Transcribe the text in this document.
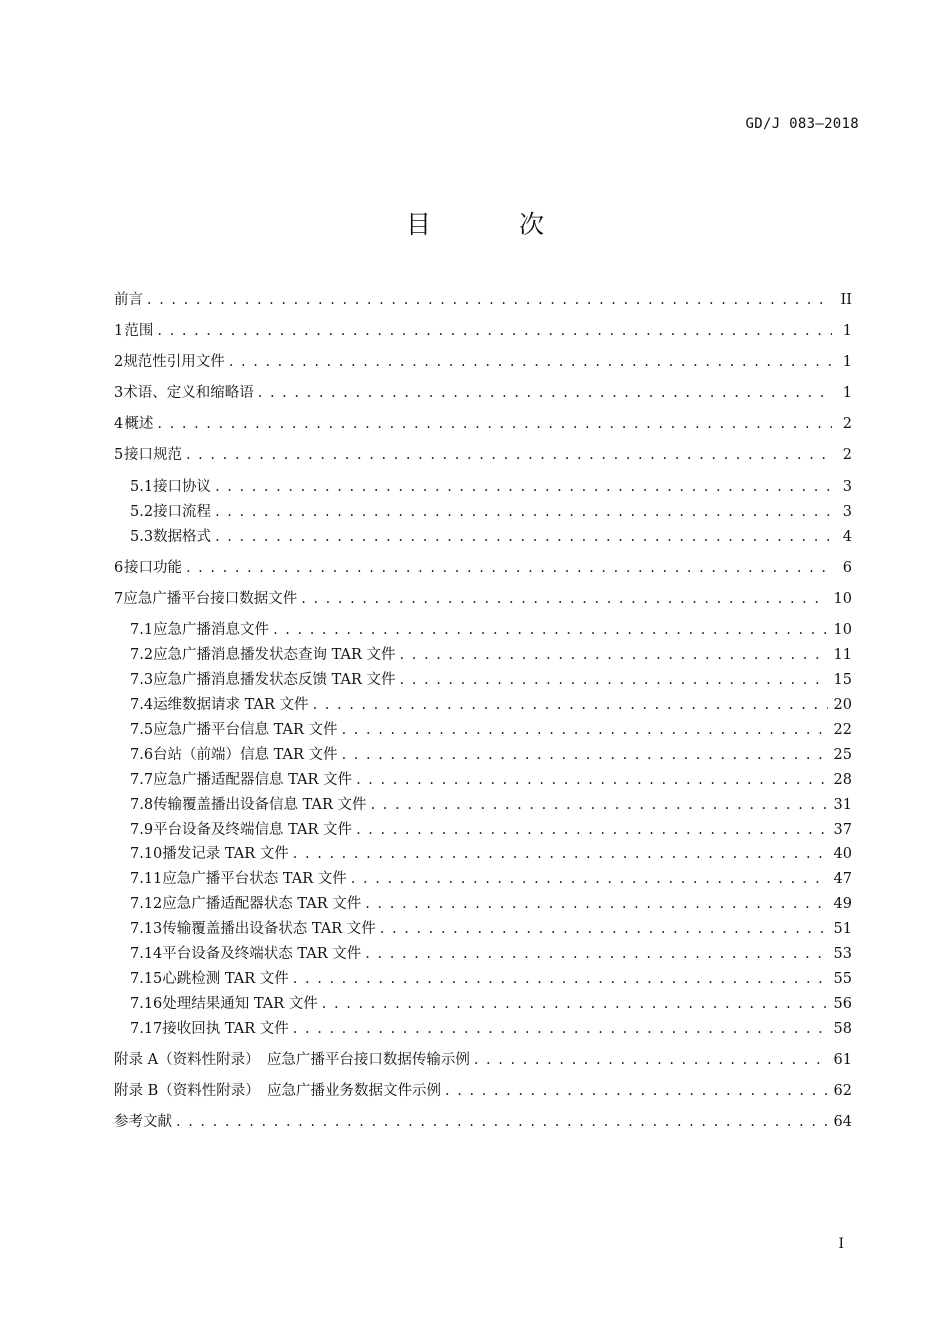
GD/J 083—2018
目 次
前言 . . .	II
1 范围 . . .	1
2 规范性引用文件 . . .	1
3 术语、定义和缩略语 . . .	1
4 概述 . . .	2
5 接口规范 . . .	2
5.1 接口协议 . . .	3
5.2 接口流程 . . .	3
5.3 数据格式 . . .	4
6 接口功能 . . .	6
7 应急广播平台接口数据文件 . . .	10
7.1 应急广播消息文件 . . .	10
7.2 应急广播消息播发状态查询 TAR 文件 . . .	11
7.3 应急广播消息播发状态反馈 TAR 文件 . . .	15
7.4 运维数据请求 TAR 文件 . . .	20
7.5 应急广播平台信息 TAR 文件 . . .	22
7.6 台站（前端）信息 TAR 文件 . . .	25
7.7 应急广播适配器信息 TAR 文件 . . .	28
7.8 传输覆盖播出设备信息 TAR 文件 . . .	31
7.9 平台设备及终端信息 TAR 文件 . . .	37
7.10 播发记录 TAR 文件 . . .	40
7.11 应急广播平台状态 TAR 文件 . . .	47
7.12 应急广播适配器状态 TAR 文件 . . .	49
7.13 传输覆盖播出设备状态 TAR 文件 . . .	51
7.14 平台设备及终端状态 TAR 文件 . . .	53
7.15 心跳检测 TAR 文件 . . .	55
7.16 处理结果通知 TAR 文件 . . .	56
7.17 接收回执 TAR 文件 . . .	58
附录 A（资料性附录）　应急广播平台接口数据传输示例 . . .	61
附录 B（资料性附录）　应急广播业务数据文件示例 . . .	62
参考文献 . . .	64
I
